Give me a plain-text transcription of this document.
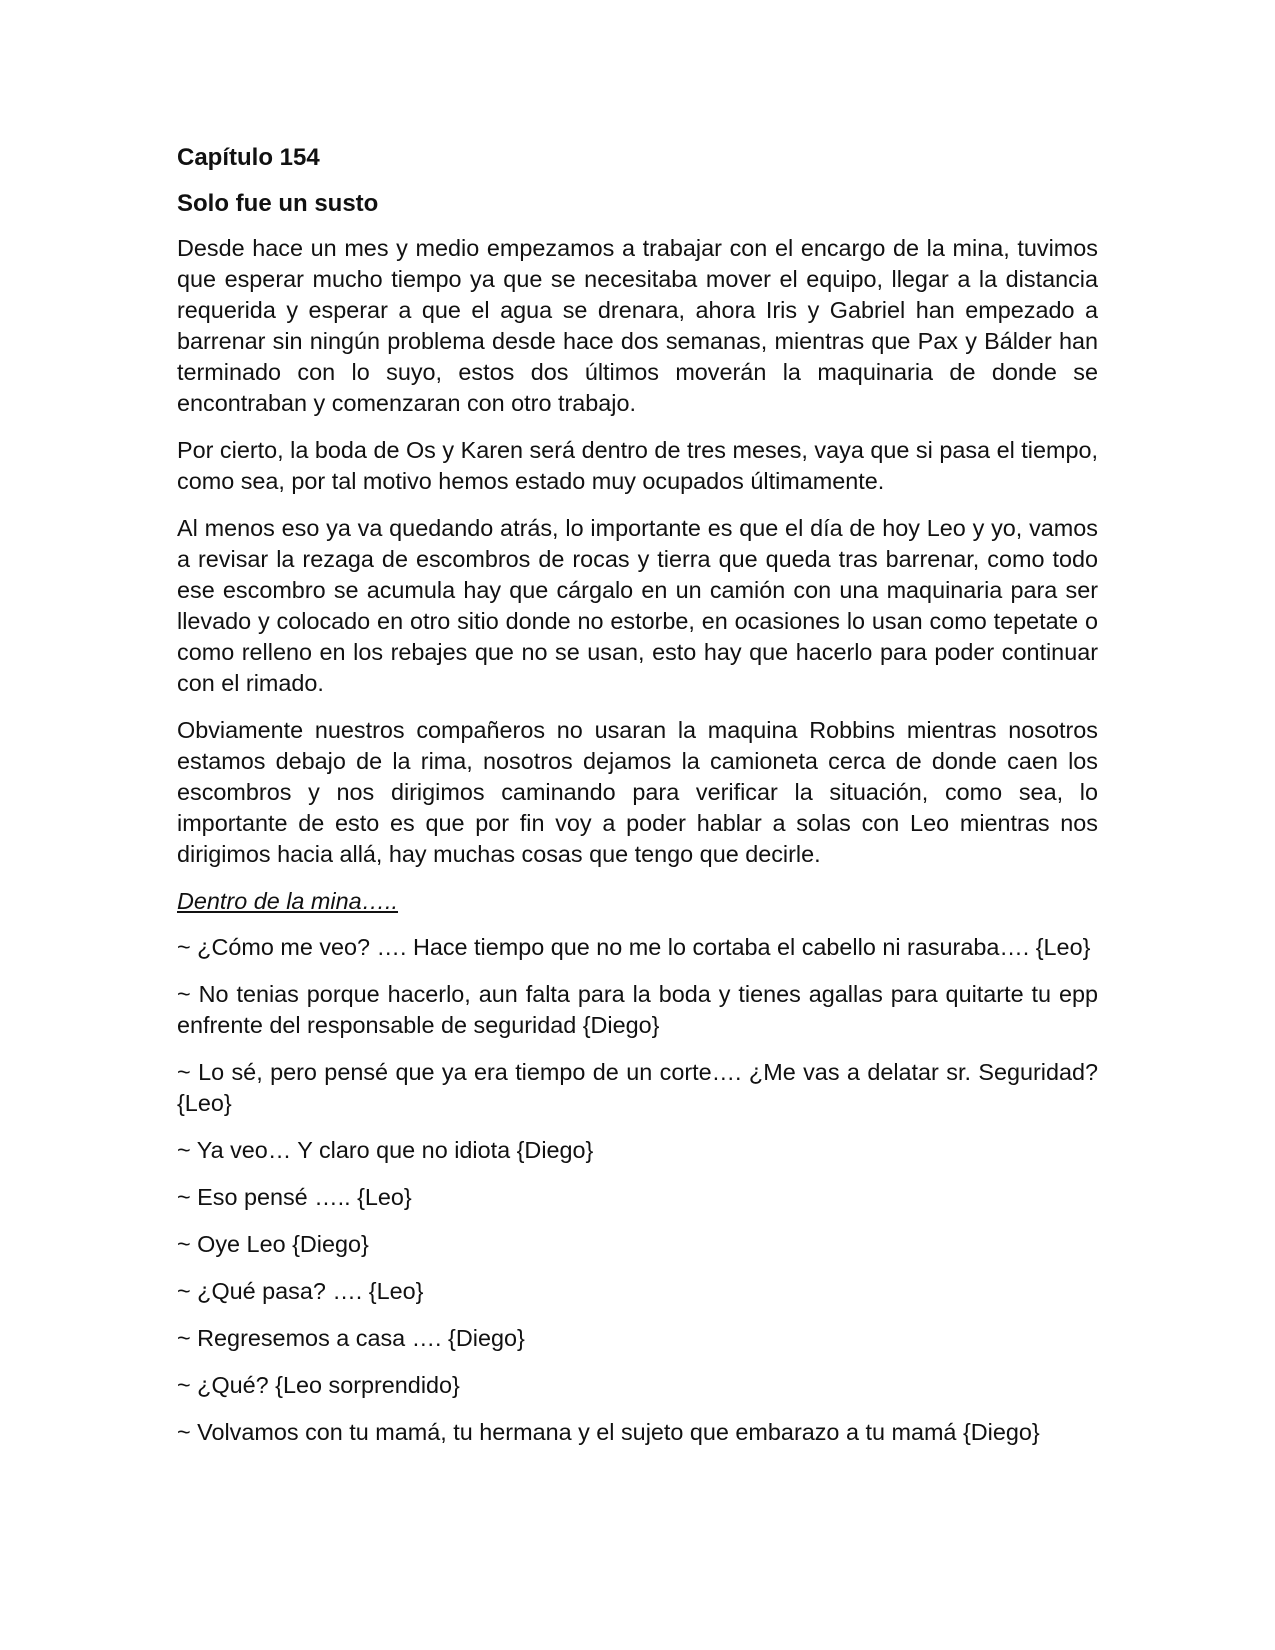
Capítulo 154
Solo fue un susto

Desde hace un mes y medio empezamos a trabajar con el encargo de la mina, tuvimos que esperar mucho tiempo ya que se necesitaba mover el equipo, llegar a la distancia requerida y esperar a que el agua se drenara, ahora Iris y Gabriel han empezado a barrenar sin ningún problema desde hace dos semanas, mientras que Pax y Bálder han terminado con lo suyo, estos dos últimos moverán la maquinaria de donde se encontraban y comenzaran con otro trabajo.

Por cierto, la boda de Os y Karen será dentro de tres meses, vaya que si pasa el tiempo, como sea, por tal motivo hemos estado muy ocupados últimamente.

Al menos eso ya va quedando atrás, lo importante es que el día de hoy Leo y yo, vamos a revisar la rezaga de escombros de rocas y tierra que queda tras barrenar, como todo ese escombro se acumula hay que cárgalo en un camión con una maquinaria para ser llevado y colocado en otro sitio donde no estorbe, en ocasiones lo usan como tepetate o como relleno en los rebajes que no se usan, esto hay que hacerlo para poder continuar con el rimado.

Obviamente nuestros compañeros no usaran la maquina Robbins mientras nosotros estamos debajo de la rima, nosotros dejamos la camioneta cerca de donde caen los escombros y nos dirigimos caminando para verificar la situación, como sea, lo importante de esto es que por fin voy a poder hablar a solas con Leo mientras nos dirigimos hacia allá, hay muchas cosas que tengo que decirle.

Dentro de la mina…..

~ ¿Cómo me veo? …. Hace tiempo que no me lo cortaba el cabello ni rasuraba…. {Leo}

~ No tenias porque hacerlo, aun falta para la boda y tienes agallas para quitarte tu epp enfrente del responsable de seguridad {Diego}

~ Lo sé, pero pensé que ya era tiempo de un corte…. ¿Me vas a delatar sr. Seguridad? {Leo}

~ Ya veo… Y claro que no idiota {Diego}

~ Eso pensé ….. {Leo}

~ Oye Leo {Diego}

~ ¿Qué pasa? …. {Leo}

~ Regresemos a casa …. {Diego}

~ ¿Qué? {Leo sorprendido}

~ Volvamos con tu mamá, tu hermana y el sujeto que embarazo a tu mamá {Diego}
